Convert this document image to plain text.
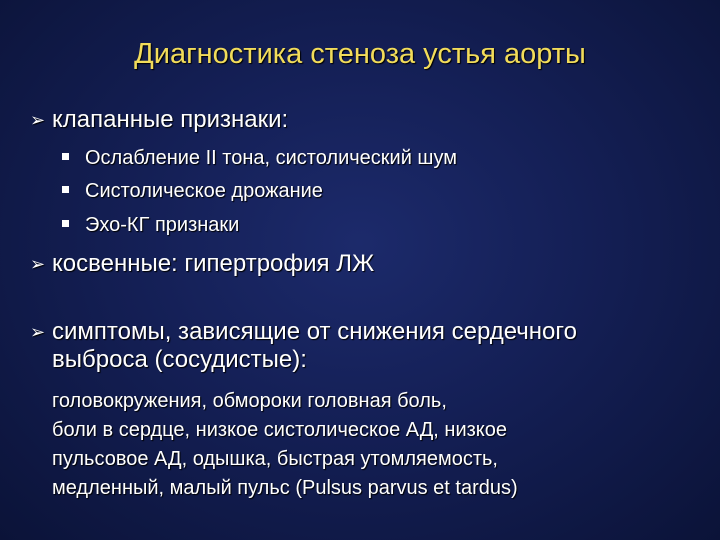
Диагностика стеноза устья аорты
➢ клапанные признаки:
Ослабление II тона, систолический шум
Систолическое дрожание
Эхо-КГ признаки
➢ косвенные: гипертрофия ЛЖ
➢ симптомы, зависящие от снижения сердечного
выброса (сосудистые):
головокружения, обмороки головная боль,
боли в сердце, низкое систолическое АД, низкое
пульсовое АД, одышка, быстрая утомляемость,
медленный, малый пульс (Pulsus parvus et tardus)
